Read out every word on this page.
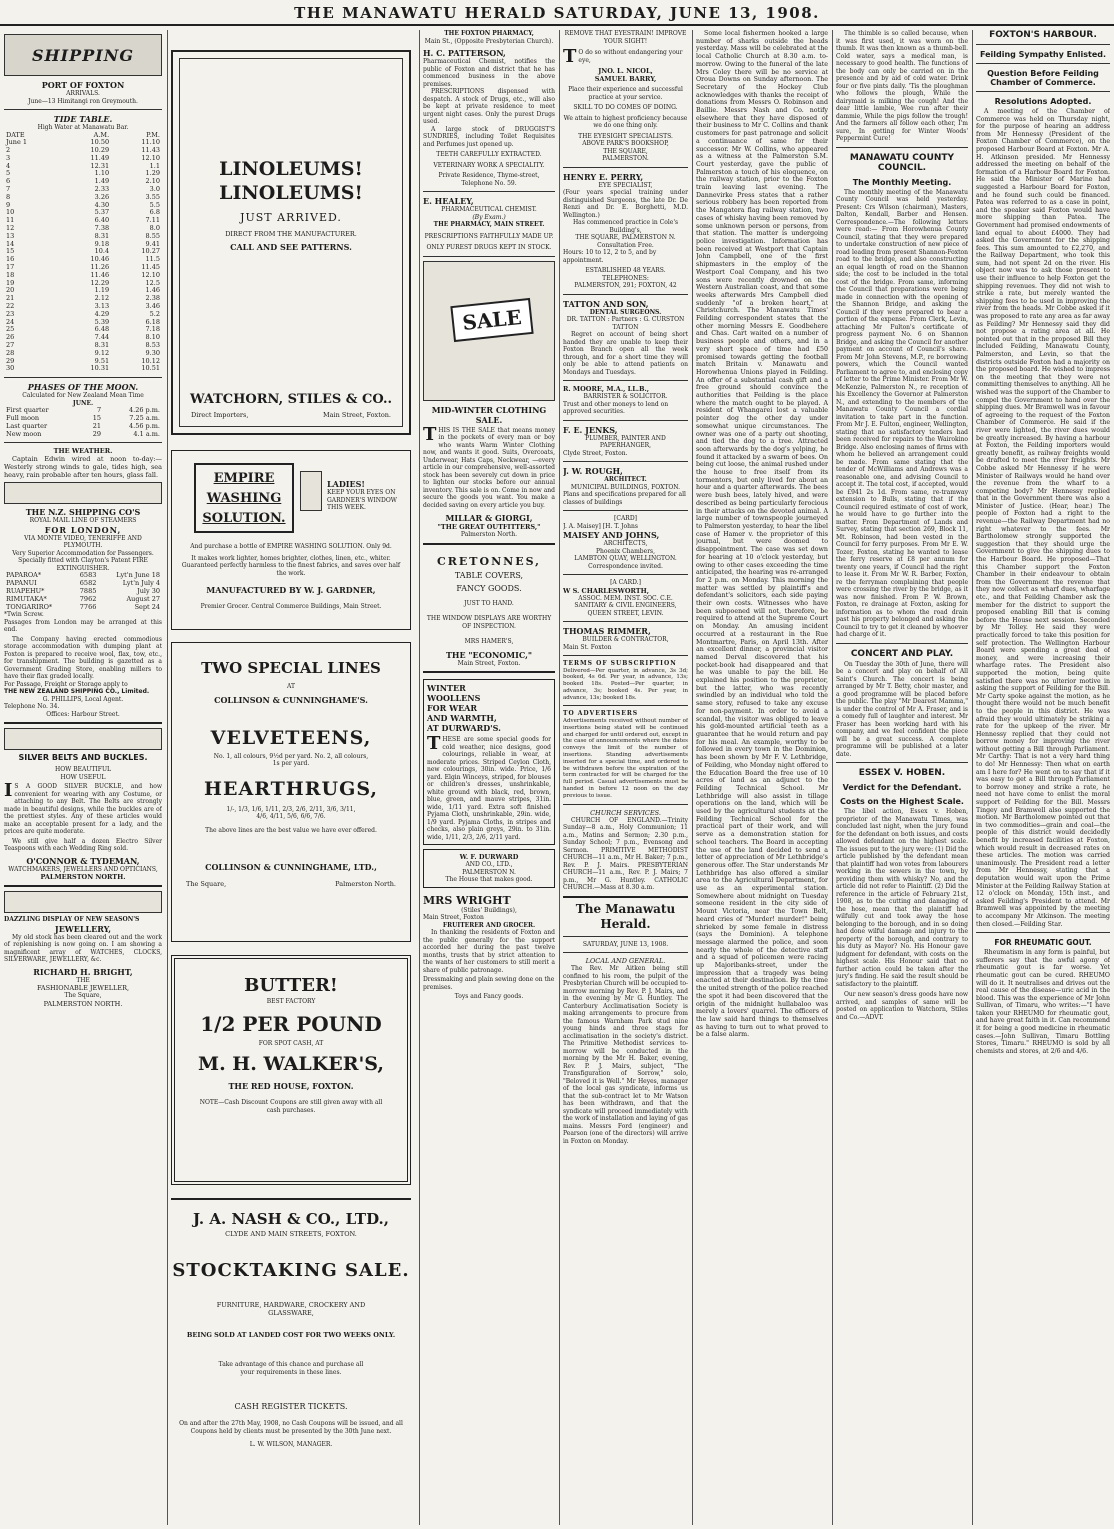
THE MANAWATU HERALD SATURDAY, JUNE 13, 1908.
SHIPPING
PORT OF FOXTON
ARRIVALS.
June—13 Himitangi ron Greymouth.
TIDE TABLE.
High Water at Manawatu Bar.
DATE	A.M.	P.M.
June 1	10.50	11.10
2	10.29	11.43
3	11.49	12.10
4	12.31	1.1
5	1.10	1.29
6	1.49	2.10
7	2.33	3.0
8	3.26	3.55
9	4.30	5.5
10	5.37	6.8
11	6.40	7.11
12	7.38	8.0
13	8.31	8.55
14	9.18	9.41
15	10.4	10.27
16	10.46	11.5
17	11.26	11.45
18	11.46	12.10
19	12.29	12.5
20	1.19	1.46
21	2.12	2.38
22	3.13	3.46
23	4.29	5.2
24	5.39	6.18
25	6.48	7.18
26	7.44	8.10
27	8.31	8.53
28	9.12	9.30
29	9.51	10.12
30	10.31	10.51
PHASES OF THE MOON.
Calculated for New Zealand Mean Time
JUNE.
First quarter	7	4.26 p.m.
Full moon	15	7.25 a.m.
Last quarter	21	4.56 p.m.
New moon	29	4.1 a.m.
THE WEATHER.
Captain Edwin wired at noon to-day:— Westerly strong winds to gale, tides high, sea heavy, rain probable after ten hours, glass fall.
THE N.Z. SHIPPING CO'S
ROYAL MAIL LINE OF STEAMERS
FOR LONDON,
VIA MONTE VIDEO, TENERIFFE AND PLYMOUTH.
Very Superior Accommodation for Passengers.
Specially fitted with Clayton's Patent FIRE EXTINGUISHER.
PAPAROA*	6583	Lyt'n June 18
PAPANUI	6582	Lyt'n July 4
RUAPEHU*	7885	July 30
RIMUTAKA*	7962	August 27
TONGARIRO*	7766	Sept 24
*Twin Screw.
Passages from London may be arranged at this end.
The Company having erected commodious storage accommodation with dumping plant at Foxton is prepared to receive wool, flax, tow, etc., for transhipment. The building is gazetted as a Government Grading Store, enabling millers to have their flax graded locally.
For Passage, Freight or Storage apply to
THE NEW ZEALAND SHIPPING CO., Limited.
G. PHILLIPS, Local Agent.
Telephone No. 34.
Offices: Harbour Street.
SILVER BELTS AND BUCKLES.
HOW BEAUTIFUL
HOW USEFUL
IS A GOOD SILVER BUCKLE, and how convenient for wearing with any Costume, or attaching to any Belt. The Belts are strongly made in beautiful designs, while the buckles are of the prettiest styles. Any of these articles would make an acceptable present for a lady, and the prices are quite moderate.
We still give half a dozen Electro Silver Teaspoons with each Wedding Ring sold.
O'CONNOR & TYDEMAN,
WATCHMAKERS, JEWELLERS AND OPTICIANS,
PALMERSTON NORTH.
DAZZLING DISPLAY OF NEW SEASON'S
JEWELLERY,
My old stock has been cleared out and the work of replenishing is now going on. I am showing a magnificent array of WATCHES, CLOCKS, SILVERWARE, JEWELLERY, &c.
RICHARD H. BRIGHT,
THE
FASHIONABLE JEWELLER,
The Square,
PALMERSTON NORTH.
LINOLEUMS!
LINOLEUMS!
JUST ARRIVED.
DIRECT FROM THE MANUFACTURER.
CALL AND SEE PATTERNS.
WATCHORN, STILES & CO..
Direct Importers,	Main Street, Foxton.
EMPIRE
WASHING
SOLUTION.
LADIES!
KEEP YOUR EYES ON GARDNER'S WINDOW THIS WEEK.
And purchase a bottle of EMPIRE WASHING SOLUTION. Only 9d.
It makes work lighter, homes brighter, clothes, linen, etc., whiter. Guaranteed perfectly harmless to the finest fabrics, and saves over half the work.
MANUFACTURED BY W. J. GARDNER,
Premier Grocer. Central Commerce Buildings, Main Street.
TWO SPECIAL LINES
AT
COLLINSON & CUNNINGHAME'S.
VELVETEENS,
No. 1, all colours, 9½d per yard. No. 2, all colours, 1s per yard.
HEARTHRUGS,
1/-, 1/3, 1/6, 1/11, 2/3, 2/6, 2/11, 3/6, 3/11, 4/6, 4/11, 5/6, 6/6, 7/6.
The above lines are the best value we have ever offered.
COLLINSON & CUNNINGHAME, LTD.,
The Square,	Palmerston North.
BUTTER!
BEST FACTORY
1/2 PER POUND
FOR SPOT CASH, AT
M. H. WALKER'S,
THE RED HOUSE, FOXTON.
NOTE—Cash Discount Coupons are still given away with all cash purchases.
J. A. NASH & CO., LTD.,
CLYDE AND MAIN STREETS, FOXTON.
STOCKTAKING SALE.
FURNITURE, HARDWARE, CROCKERY AND GLASSWARE,
BEING SOLD AT LANDED COST FOR TWO WEEKS ONLY.
Take advantage of this chance and purchase all your requirements in these lines.
CASH REGISTER TICKETS.
On and after the 27th May, 1908, no Cash Coupons will be issued, and all Coupons held by clients must be presented by the 30th June next.
L. W. WILSON, MANAGER.
THE FOXTON PHARMACY,
Main St., (Opposite Presbyterian Church).
H. C. PATTERSON,
Pharmaceutical Chemist, notifies the public of Foxton and district that he has commenced business in the above premises.
PRESCRIPTIONS dispensed with despatch. A stock of Drugs, etc., will also be kept at private residence to meet urgent night cases. Only the purest Drugs used.
A large stock of DRUGGIST'S SUNDRIES, including Toilet Requisites and Perfumes just opened up.
TEETH CAREFULLY EXTRACTED.
VETERINARY WORK A SPECIALITY.
Private Residence, Thyme-street, Telephone No. 59.
E. HEALEY,
PHARMACEUTICAL CHEMIST.
(By Exam.)
THE PHARMACY, MAIN STREET.
PRESCRIPTIONS FAITHFULLY MADE UP.
ONLY PUREST DRUGS KEPT IN STOCK.
SALE
MID-WINTER CLOTHING SALE.
THIS IS THE SALE that means money in the pockets of every man or boy who wants Warm Winter Clothing now, and wants it good. Suits, Overcoats, Underwear, Hats Caps, Neckwear, —every article in our comprehensive, well-assorted stock has been severely cut down in price to lighten our stocks before our annual inventory. This sale is on. Come in now and secure the goods you want. You make a decided saving on every article you buy.
MILLAR & GIORGI,
"THE GREAT OUTFITTERS,"
Palmerston North.
CRETONNES,
TABLE COVERS,
FANCY GOODS.
JUST TO HAND.
THE WINDOW DISPLAYS ARE WORTHY OF INSPECTION.
MRS HAMER'S,
THE "ECONOMIC,"
Main Street, Foxton.
WINTER
WOOLLENS
FOR WEAR
AND WARMTH,
AT DURWARD'S.
THESE are some special goods for cold weather, nice designs, good colourings, reliable in wear, at moderate prices. Striped Ceylon Cloth, new colourings, 30in. wide. Price, 1/6 yard. Elgin Winceys, striped, for blouses or children's dresses, unshrinkable, white ground with black, red, brown, blue, green, and mauve stripes, 31in. wide, 1/11 yard. Extra soft finished Pyjama Cloth, unshrinkable, 29in. wide, 1/9 yard. Pyjama Cloths, in stripes and checks, also plain greys, 29in. to 31in. wide, 1/11, 2/3, 2/6, 2/11 yard.
W. F. DURWARD
AND CO., LTD.,
PALMERSTON N.
The House that makes good.
MRS WRIGHT
(Stiles' Buildings),
Main Street, Foxton
FRUITERER AND GROCER.
In thanking the residents of Foxton and the public generally for the support accorded her during the past twelve months, trusts that by strict attention to the wants of her customers to still merit a share of public patronage.
Dressmaking and plain sewing done on the premises.
Toys and Fancy goods.
REMOVE THAT EYESTRAIN! IMPROVE YOUR SIGHT!
TO do so without endangering your eye,
JNO. L. NICOL,
SAMUEL BARRY,
Place their experience and successful practice at your service.
SKILL TO DO COMES OF DOING.
We attain to highest proficiency because we do one thing only.
THE EYESIGHT SPECIALISTS.
ABOVE PARK'S BOOKSHOP,
THE SQUARE,
PALMERSTON.
HENRY E. PERRY,
EYE SPECIALIST,
(Four years special training under distinguished Surgeons, the late Dr. De Renzi and Dr. E. Borghetti, M.D. Wellington.)
Has commenced practice in Cole's Building's,
THE SQUARE, PALMERSTON N.
Consultation Free.
Hours: 10 to 12, 2 to 5, and by appointment.
ESTABLISHED 48 YEARS.
TELEPHONES:
PALMERSTON, 291; FOXTON, 42
TATTON AND SON,
DENTAL SURGEONS.
DR. TATTON : Partners : G. CURSTON TATTON
Regret on account of being short handed they are unable to keep their Foxton Branch open all the week through, and for a short time they will only be able to attend patients on Mondays and Tuesdays.
R. MOORE, M.A., LL.B.,
BARRISTER & SOLICITOR.
Trust and other moneys to lend on approved securities.
F. E. JENKS,
PLUMBER, PAINTER AND PAPERHANGER,
Clyde Street, Foxton.
J. W. ROUGH,
ARCHITECT.
MUNICIPAL BUILDINGS, FOXTON.
Plans and specifications prepared for all classes of buildings
[CARD]
J. A. Maisey] [H. T. Johns
MAISEY AND JOHNS,
ARCHITECTS,
Phoenix Chambers,
LAMBTON QUAY, WELLINGTON.
Correspondence invited.
[A CARD.]
W S. CHARLESWORTH,
ASSOC. MEM. INST. SOC. C.E.
SANITARY & CIVIL ENGINEERS,
QUEEN STREET, LEVIN.
THOMAS RIMMER,
BUILDER & CONTRACTOR,
Main St. Foxton
TERMS OF SUBSCRIPTION
Delivered—Per quarter, in advance, 3s 3d; booked, 4s 6d. Per year, in advance, 13s; booked 18s. Posted—Per quarter, in advance, 3s; booked 4s. Per year, in advance, 13s; booked 18s.
TO ADVERTISERS
Advertisements received without number of insertions being stated will be continued and charged for until ordered out, except in the case of announcements where the dates conveys the limit of the number of insertions. Standing advertisements inserted for a special time, and ordered to be withdrawn before the expiration of the term contracted for will be charged for the full period. Casual advertisements must be handed in before 12 noon on the day previous to issue.
CHURCH SERVICES.
CHURCH OF ENGLAND.—Trinity Sunday—8 a.m., Holy Communion; 11 a.m., Matins and Sermon; 2.30 p.m., Sunday School; 7 p.m., Evensong and Sermon. PRIMITIVE METHODIST CHURCH—11 a.m., Mr H. Baker; 7 p.m., Rev. P. J. Mairs. PRESBYTERIAN CHURCH—11 a.m., Rev. P. J. Mairs; 7 p.m., Mr G. Huntley. CATHOLIC CHURCH.—Mass at 8.30 a.m.
The Manawatu Herald.
SATURDAY, JUNE 13, 1908.
LOCAL AND GENERAL.
The Rev. Mr Aitken being still confined to his room, the pulpit of the Presbyterian Church will be occupied to-morrow morning by Rev. P. J. Mairs, and in the evening by Mr G. Huntley. The Canterbury Acclimatisation Society is making arrangements to procure from the famous Warnham Park stud nine young hinds and three stags for acclimatisation in the society's district. The Primitive Methodist services to-morrow will be conducted in the morning by the Mr H. Baker, evening, Rev. P. J. Mairs, subject, "The Transfiguration of Sorrow," solo, "Beloved it is Well." Mr Heyes, manager of the local gas syndicate, informs us that the sub-contract let to Mr Watson has been withdrawn, and that the syndicate will proceed immediately with the work of installation and laying of gas mains. Messrs Ford (engineer) and Pearson (one of the directors) will arrive in Foxton on Monday.
Some local fishermen hooked a large number of sharks outside the heads yesterday. Mass will be celebrated at the local Catholic Church at 8.30 a.m. to-morrow. Owing to the funeral of the late Mrs Coley there will be no service at Oroua Downs on Sunday afternoon. The Secretary of the Hockey Club acknowledges with thanks the receipt of donations from Messrs O. Robinson and Baillie. Messrs Nash and Co. notify elsewhere that they have disposed of their business to Mr C. Collins and thank customers for past patronage and solicit a continuance of same for their successor. Mr W. Collins, who appeared as a witness at the Palmerston S.M. Court yesterday, gave the public of Palmerston a touch of his eloquence, on the railway station, prior to the Foxton train leaving last evening. The Dannevirke Press states that a rather serious robbery has been reported from the Mangatera flag railway station, two cases of whisky having been removed by some unknown person or persons, from that station. The matter is undergoing police investigation. Information has been received at Westport that Captain John Campbell, one of the first shipmasters in the employ of the Westport Coal Company, and his two sons were recently drowned on the Western Australian coast, and that some weeks afterwards Mrs Campbell died suddenly "of a broken heart," at Christchurch. The Manawatu Times' Feilding correspondent states that the other morning Messrs E. Goodbehere and Chas. Cart waited on a number of business people and others, and in a very short space of time had £50 promised towards getting the football match Britain v. Manawatu and Horowhenua Unions played in Feilding. An offer of a substantial cash gift and a free ground should convince the authorities that Feilding is the place where the match ought to be played. A resident of Whangarei lost a valuable pointer dog the other day under somewhat unique circumstances. The owner was one of a party out shooting, and tied the dog to a tree. Attracted soon afterwards by the dog's yelping, he found it attacked by a swarm of bees. On being cut loose, the animal rushed under the house to free itself from its tormentors, but only lived for about an hour and a quarter afterwards. The bees were bush bees, lately hived, and were described as being particularly ferocious in their attacks on the devoted animal. A large number of townspeople journeyed to Palmerston yesterday, to hear the libel case of Hamer v. the proprietor of this journal, but were doomed to disappointment. The case was set down for hearing at 10 o'clock yesterday, but owing to other cases exceeding the time anticipated, the hearing was re-arranged for 2 p.m. on Monday. This morning the matter was settled by plaintiff's and defendant's solicitors, each side paying their own costs. Witnesses who have been subpoened will not, therefore, be required to attend at the Supreme Court on Monday. An amusing incident occurred at a restaurant in the Rue Montmartre, Paris, on April 13th. After an excellent dinner, a provincial visitor named Derval discovered that his pocket-book had disappeared and that he was unable to pay the bill. He explained his position to the proprietor, but the latter, who was recently swindled by an individual who told the same story, refused to take any excuse for non-payment. In order to avoid a scandal, the visitor was obliged to leave his gold-mounted artificial teeth as a guarantee that he would return and pay for his meal. An example, worthy to be followed in every town in the Dominion, has been shown by Mr F. V. Lethbridge, of Feilding, who Monday night offered to the Education Board the free use of 10 acres of land as an adjunct to the Feilding Technical School. Mr Lethbridge will also assist in tillage operations on the land, which will be used by the agricultural students at the Feilding Technical School for the practical part of their work, and will serve as a demonstration station for school teachers. The Board in accepting the use of the land decided to send a letter of appreciation of Mr Lethbridge's generous offer. The Star understands Mr Lethbridge has also offered a similar area to the Agricultural Department, for use as an experimental station. Somewhere about midnight on Tuesday someone resident in the city side of Mount Victoria, near the Town Belt, heard cries of "Murder! murder!" being shrieked by some female in distress (says the Dominion). A telephone message alarmed the police, and soon nearly the whole of the detective staff and a squad of policemen were racing up Majoribanks-street, under the impression that a tragedy was being enacted at their destination. By the time the united strength of the police reached the spot it had been discovered that the origin of the midnight hullabaloo was merely a lovers' quarrel. The officers of the law said hard things to themselves as having to turn out to what proved to be a false alarm.
The thimble is so called because, when it was first used, it was worn on the thumb. It was then known as a thumb-bell. Cold water, says a medical man, is necessary to good health. The functions of the body can only be carried on in the presence and by aid of cold water. Drink four or five pints daily. 'Tis the ploughman who follows the plough, While the dairymaid is milking the cough! And the dear little lambie, Wee run after their dammie, While the pigs follow the trough! And the farmers all follow each other, I'm sure, In getting for Winter Woods' Peppermint Cure!
MANAWATU COUNTY COUNCIL.
The Monthly Meeting.
The monthly meeting of the Manawatu County Council was held yesterday. Present: Crs Wilson (chairman), Masters, Dalton, Kendall, Barber and Hensen. Correspondence.—The following letters were read:— From Horowhenua County Council, stating that they were prepared to undertake construction of new piece of road leading from present Shannon-Foxton road to the bridge, and also constructing an equal length of road on the Shannon side; the cost to be included in the total cost of the bridge. From same, informing the Council that preparations were being made in connection with the opening of the Shannon Bridge, and asking the Council if they were prepared to bear a portion of the expense. From Clerk, Levin, attaching Mr Fulton's certificate of progress payment No. 6 on Shannon Bridge, and asking the Council for another payment on account of Council's share. From Mr John Stevens, M.P., re borrowing powers, which the Council wanted Parliament to agree to, and enclosing copy of letter to the Prime Minister. From Mr W. McKenzie, Palmerston N., re reception of his Excellency the Governor at Palmerston N., and extending to the members of the Manawatu County Council a cordial invitation to take part in the function. From Mr J. E. Fulton, engineer, Wellington, stating that no satisfactory tenders had been received for repairs to the Wairokino Bridge. Also enclosing names of firms with whom he believed an arrangement could be made. From same stating that the tender of McWilliams and Andrews was a reasonable one, and advising Council to accept it. The total cost, if accepted, would be £941 2s 1d. From same, re-tramway extension to Bulls, stating that if the Council required estimate of cost of work, he would have to go further into the matter. From Department of Lands and Survey, stating that section 269, Block 11, Mt. Robinson, had been vested in the Council for ferry purposes. From Mr E. W. Tozer, Foxton, stating he wanted to lease the ferry reserve at £8 per annum for twenty one years, if Council had the right to lease it. From Mr W. R. Barber, Foxton, re the ferryman complaining that people were crossing the river by the bridge, as it was now finished. From P. W. Brown, Foxton, re drainage at Foxton, asking for information as to whom the road drain past his property belonged and asking the Council to try to get it cleaned by whoever had charge of it.
CONCERT AND PLAY.
On Tuesday the 30th of June, there will be a concert and play on behalf of All Saint's Church. The concert is being arranged by Mr T. Betty, choir master, and a good programme will be placed before the public. The play "Mr Dearest Mamma," is under the control of Mr A. Fraser, and is a comedy full of laughter and interest. Mr Fraser has been working hard with his company, and we feel confident the piece will be a great success. A complete programme will be published at a later date.
ESSEX V. HOBEN.
Verdict for the Defendant.
Costs on the Highest Scale.
The libel action, Essex v. Hoben, proprietor of the Manawatu Times, was concluded last night, when the jury found for the defendant on both issues, and costs allowed defendant on the highest scale. The issues put to the jury were: (1) Did the article published by the defendant mean that plaintiff had won votes from labourers working in the sewers in the town, by providing them with whisky? No, and the article did not refer to Plaintiff. (2) Did the reference in the article of February 21st, 1908, as to the cutting and damaging of the hose, mean that the plaintiff had wilfully cut and took away the hose belonging to the borough, and in so doing had done wilful damage and injury to the property of the borough, and contrary to his duty as Mayor? No. His Honour gave judgment for defendant, with costs on the highest scale. His Honour said that no further action could be taken after the jury's finding. He said the result should be satisfactory to the plaintiff.
Our new season's dress goods have now arrived, and samples of same will be posted on application to Watchorn, Stiles and Co.—ADVT.
FOXTON'S HARBOUR.
Feilding Sympathy Enlisted.
Question Before Feilding Chamber of Commerce.
Resolutions Adopted.
A meeting of the Chamber of Commerce was held on Thursday night, for the purpose of hearing an address from Mr Hennessy (President of the Foxton Chamber of Commerce), on the proposed Harbour Board at Foxton. Mr A. H. Atkinson presided. Mr Hennessy addressed the meeting on behalf of the formation of a Harbour Board for Foxton. He said the Minister of Marine had suggested a Harbour Board for Foxton, and he found such could be financed. Patea was referred to as a case in point, and the speaker said Foxton would have more shipping than Patea. The Government had promised endowments of land equal to about £4000. They had asked the Government for the shipping fees. This sum amounted to £2,270, and the Railway Department, who took this sum, had not spent 2d on the river. His object now was to ask those present to use their influence to help Foxton get the shipping revenues. They did not wish to strike a rate, but merely wanted the shipping fees to be used in improving the river from the heads. Mr Cobbe asked if it was proposed to rate any area as far away as Feilding? Mr Hennessy said they did not propose a rating area at all. He pointed out that in the proposed Bill they included Feilding, Manawatu County, Palmerston, and Levin, so that the districts outside Foxton had a majority on the proposed board. He wished to impress on the meeting that they were not committing themselves to anything. All he wished was the support of the Chamber to compel the Government to hand over the shipping dues. Mr Bramwell was in favour of agreeing to the request of the Foxton Chamber of Commerce. He said if the river were lighted, the river dues would be greatly increased. By having a harbour at Foxton, the Feilding importers would greatly benefit, as railway freights would be drafted to meet the river freights. Mr Cobbe asked Mr Hennessy if he were Minister of Railways would he hand over the revenue from the wharf to a competing body? Mr Hennessy replied that in the Government there was also a Minister of Justice. (Hear, hear.) The people of Foxton had a right to the revenue—the Railway Department had no right whatever to the fees. Mr Bartholomew strongly supported the suggestion that they should urge the Government to give the shipping dues to the Harbour Board. He proposed—That this Chamber support the Foxton Chamber in their endeavour to obtain from the Government the revenue that they now collect as wharf dues, wharfage etc., and that Feilding Chamber ask the member for the district to support the proposed enabling Bill that is coming before the House next session. Seconded by Mr Tolley. He said they were practically forced to take this position for self protection. The Wellington Harbour Board were spending a great deal of money, and were increasing their wharfage rates. The President also supported the motion, being quite satisfied there was no ulterior motive in asking the support of Feilding for the Bill. Mr Carty spoke against the motion, as he thought there would not be much benefit to the people in this district. He was afraid they would ultimately be striking a rate for the upkeep of the river. Mr Hennessy replied that they could not borrow money for improving the river without getting a Bill through Parliament. Mr Carthy: That is not a very hard thing to do! Mr Hennessy: Then what on earth am I here for? He went on to say that if it was easy to get a Bill through Parliament to borrow money and strike a rate, he need not have come to enlist the moral support of Feilding for the Bill. Messrs Tingey and Bramwell also supported the motion. Mr Bartholomew pointed out that in two commodities—grain and coal—the people of this district would decidedly benefit by increased facilities at Foxton, which would result in decreased rates on these articles. The motion was carried unanimously. The President read a letter from Mr Hennessy, stating that a deputation would wait upon the Prime Minister at the Feilding Railway Station at 12 o'clock on Monday, 15th inst., and asked Feilding's President to attend. Mr Bramwell was appointed by the meeting to accompany Mr Atkinson. The meeting then closed.—Feilding Star.
FOR RHEUMATIC GOUT.
Rheumatism in any form is painful, but sufferers say that the awful agony of rheumatic gout is far worse. Yet rheumatic gout can be cured. RHEUMO will do it. It neutralises and drives out the real cause of the disease—uric acid in the blood. This was the experience of Mr John Sullivan, of Timaru, who writes:—"I have taken your RHEUMO for rheumatic gout, and have great faith in it. Can recommend it for being a good medicine in rheumatic cases.—John Sullivan, Timaru Bottling Stores, Timaru." RHEUMO is sold by all chemists and stores, at 2/6 and 4/6.
